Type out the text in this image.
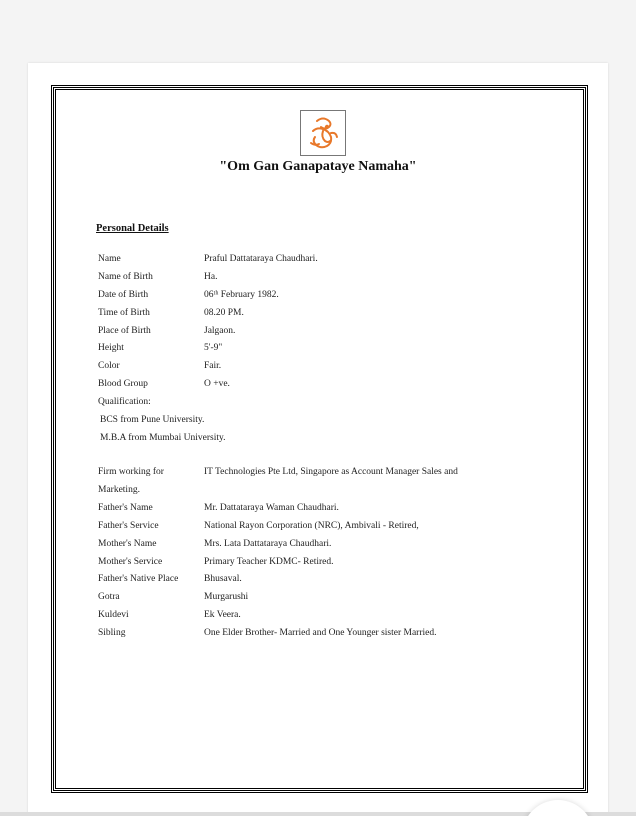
"Om Gan Ganapataye Namaha"
Personal Details
Name	Praful Dattataraya Chaudhari.
Name of Birth	Ha.
Date of Birth	06ᵗʰ February 1982.
Time of Birth	08.20 PM.
Place of Birth	Jalgaon.
Height	5'-9"
Color	Fair.
Blood Group	O +ve.
Qualification:
BCS from Pune University.
M.B.A from Mumbai University.
Firm working for	IT Technologies Pte Ltd, Singapore as Account Manager Sales and
Marketing.
Father's Name	Mr. Dattataraya Waman Chaudhari.
Father's Service	National Rayon Corporation (NRC), Ambivali - Retired,
Mother's Name	Mrs. Lata Dattataraya Chaudhari.
Mother's Service	Primary Teacher KDMC- Retired.
Father's Native Place	Bhusaval.
Gotra	Murgarushi
Kuldevi	Ek Veera.
Sibling	One Elder Brother- Married and One Younger sister Married.
